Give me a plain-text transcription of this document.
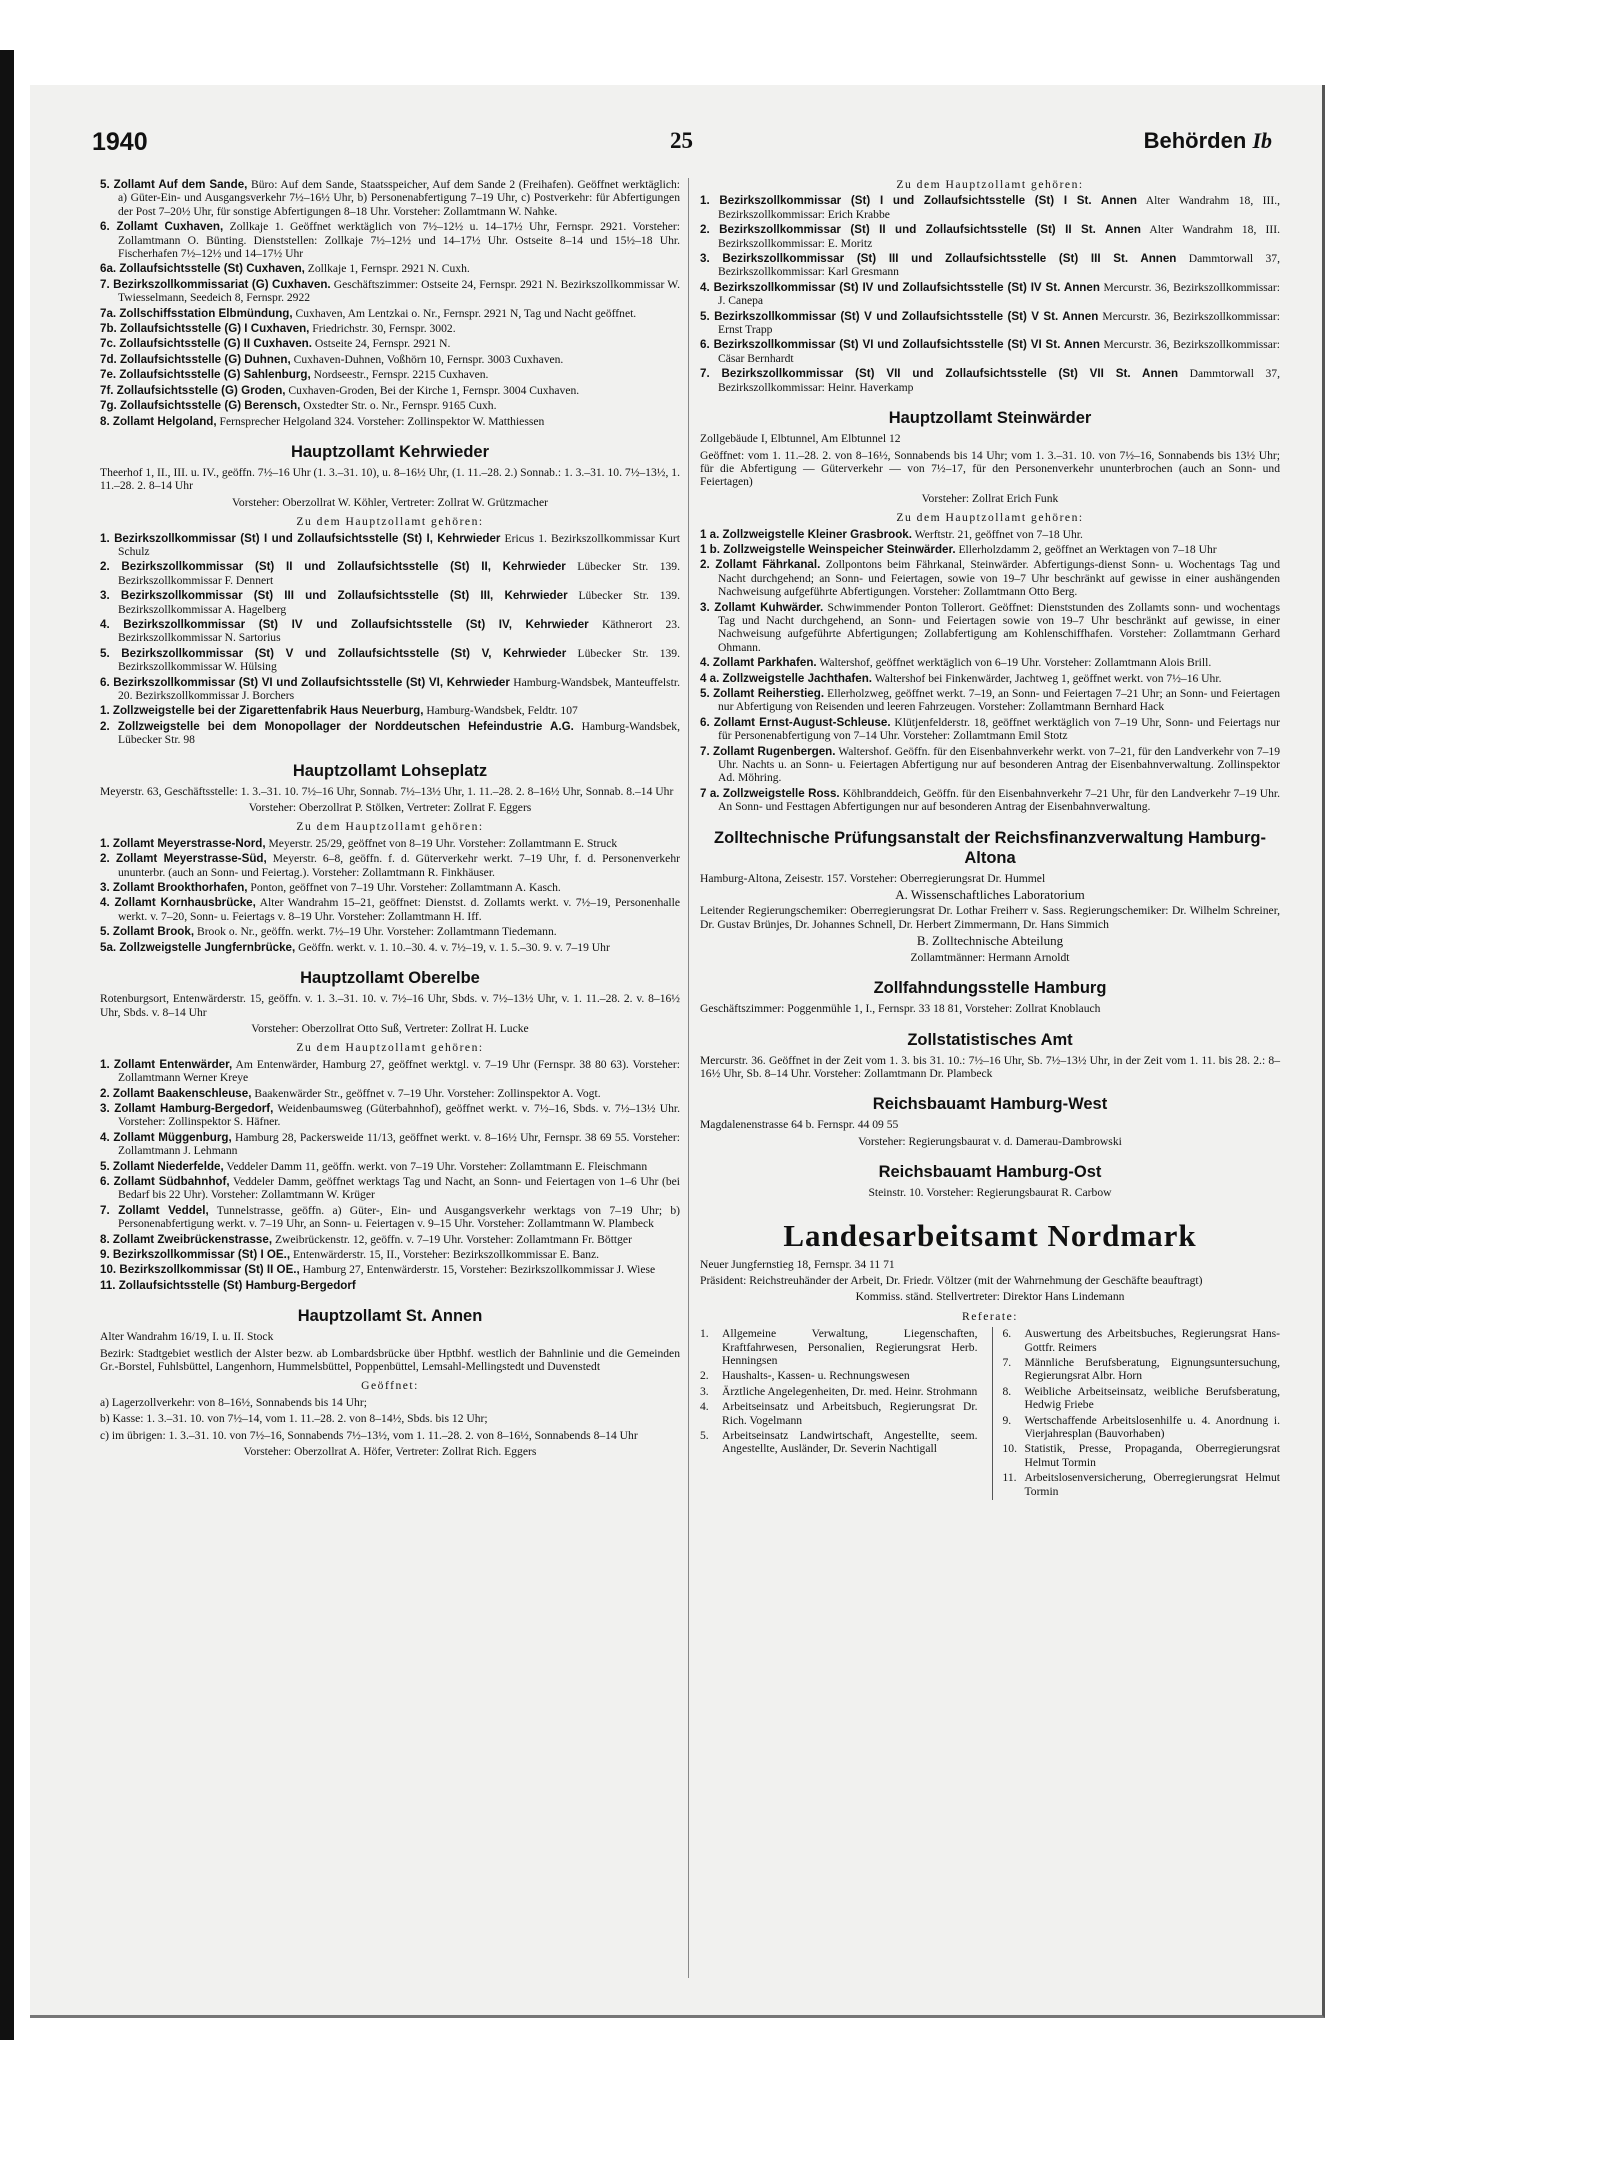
1940	25	Behörden Ib
5. Zollamt Auf dem Sande, Büro: Auf dem Sande, Staatsspeicher, Auf dem Sande 2 (Freihafen). Geöffnet werktäglich: a) Güter-Ein- und Ausgangsverkehr 7½–16½ Uhr, b) Personenabfertigung 7–19 Uhr, c) Postverkehr: für Abfertigungen der Post 7–20½ Uhr, für sonstige Abfertigungen 8–18 Uhr. Vorsteher: Zollamtmann W. Nahke.
6. Zollamt Cuxhaven, Zollkaje 1. Geöffnet werktäglich von 7½–12½ u. 14–17½ Uhr, Fernspr. 2921. Vorsteher: Zollamtmann O. Bünting. Dienststellen: Zollkaje 7½–12½ und 14–17½ Uhr. Ostseite 8–14 und 15½–18 Uhr. Fischerhafen 7½–12½ und 14–17½ Uhr
6a. Zollaufsichtsstelle (St) Cuxhaven, Zollkaje 1, Fernspr. 2921 N. Cuxh.
7. Bezirkszollkommissariat (G) Cuxhaven. Geschäftszimmer: Ostseite 24, Fernspr. 2921 N. Bezirkszollkommissar W. Twiesselmann, Seedeich 8, Fernspr. 2922
7a. Zollschiffsstation Elbmündung, Cuxhaven, Am Lentzkai o. Nr., Fernspr. 2921 N, Tag und Nacht geöffnet.
7b. Zollaufsichtsstelle (G) I Cuxhaven, Friedrichstr. 30, Fernspr. 3002.
7c. Zollaufsichtsstelle (G) II Cuxhaven. Ostseite 24, Fernspr. 2921 N.
7d. Zollaufsichtsstelle (G) Duhnen, Cuxhaven-Duhnen, Voßhörn 10, Fernspr. 3003 Cuxhaven.
7e. Zollaufsichtsstelle (G) Sahlenburg, Nordseestr., Fernspr. 2215 Cuxhaven.
7f. Zollaufsichtsstelle (G) Groden, Cuxhaven-Groden, Bei der Kirche 1, Fernspr. 3004 Cuxhaven.
7g. Zollaufsichtsstelle (G) Berensch, Oxstedter Str. o. Nr., Fernspr. 9165 Cuxh.
8. Zollamt Helgoland, Fernsprecher Helgoland 324. Vorsteher: Zollinspektor W. Matthiessen
Hauptzollamt Kehrwieder
Theerhof 1, II., III. u. IV., geöffn. 7½–16 Uhr (1. 3.–31. 10), u. 8–16½ Uhr, (1. 11.–28. 2.) Sonnab.: 1. 3.–31. 10. 7½–13½, 1. 11.–28. 2. 8–14 Uhr
Vorsteher: Oberzollrat W. Köhler, Vertreter: Zollrat W. Grützmacher
Zu dem Hauptzollamt gehören:
1. Bezirkszollkommissar (St) I und Zollaufsichtsstelle (St) I, Kehrwieder Ericus 1. Bezirkszollkommissar Kurt Schulz
2. Bezirkszollkommissar (St) II und Zollaufsichtsstelle (St) II, Kehrwieder Lübecker Str. 139. Bezirkszollkommissar F. Dennert
3. Bezirkszollkommissar (St) III und Zollaufsichtsstelle (St) III, Kehrwieder Lübecker Str. 139. Bezirkszollkommissar A. Hagelberg
4. Bezirkszollkommissar (St) IV und Zollaufsichtsstelle (St) IV, Kehrwieder Käthnerort 23. Bezirkszollkommissar N. Sartorius
5. Bezirkszollkommissar (St) V und Zollaufsichtsstelle (St) V, Kehrwieder Lübecker Str. 139. Bezirkszollkommissar W. Hülsing
6. Bezirkszollkommissar (St) VI und Zollaufsichtsstelle (St) VI, Kehrwieder Hamburg-Wandsbek, Manteuffelstr. 20. Bezirkszollkommissar J. Borchers
1. Zollzweigstelle bei der Zigarettenfabrik Haus Neuerburg, Hamburg-Wandsbek, Feldtr. 107
2. Zollzweigstelle bei dem Monopollager der Norddeutschen Hefeindustrie A.G. Hamburg-Wandsbek, Lübecker Str. 98
Hauptzollamt Lohseplatz
Meyerstr. 63, Geschäftsstelle: 1. 3.–31. 10. 7½–16 Uhr, Sonnab. 7½–13½ Uhr, 1. 11.–28. 2. 8–16½ Uhr, Sonnab. 8.–14 Uhr
Vorsteher: Oberzollrat P. Stölken, Vertreter: Zollrat F. Eggers
Zu dem Hauptzollamt gehören:
1. Zollamt Meyerstrasse-Nord, Meyerstr. 25/29, geöffnet von 8–19 Uhr. Vorsteher: Zollamtmann E. Struck
2. Zollamt Meyerstrasse-Süd, Meyerstr. 6–8, geöffn. f. d. Güterverkehr werkt. 7–19 Uhr, f. d. Personenverkehr ununterbr. (auch an Sonn- und Feiertag.). Vorsteher: Zollamtmann R. Finkhäuser.
3. Zollamt Brookthorhafen, Ponton, geöffnet von 7–19 Uhr. Vorsteher: Zollamtmann A. Kasch.
4. Zollamt Kornhausbrücke, Alter Wandrahm 15–21, geöffnet: Dienstst. d. Zollamts werkt. v. 7½–19, Personenhalle werkt. v. 7–20, Sonn- u. Feiertags v. 8–19 Uhr. Vorsteher: Zollamtmann H. Iff.
5. Zollamt Brook, Brook o. Nr., geöffn. werkt. 7½–19 Uhr. Vorsteher: Zollamtmann Tiedemann.
5a. Zollzweigstelle Jungfernbrücke, Geöffn. werkt. v. 1. 10.–30. 4. v. 7½–19, v. 1. 5.–30. 9. v. 7–19 Uhr
Hauptzollamt Oberelbe
Rotenburgsort, Entenwärderstr. 15, geöffn. v. 1. 3.–31. 10. v. 7½–16 Uhr, Sbds. v. 7½–13½ Uhr, v. 1. 11.–28. 2. v. 8–16½ Uhr, Sbds. v. 8–14 Uhr
Vorsteher: Oberzollrat Otto Suß, Vertreter: Zollrat H. Lucke
Zu dem Hauptzollamt gehören:
1. Zollamt Entenwärder, Am Entenwärder, Hamburg 27, geöffnet werktgl. v. 7–19 Uhr (Fernspr. 38 80 63). Vorsteher: Zollamtmann Werner Kreye
2. Zollamt Baakenschleuse, Baakenwärder Str., geöffnet v. 7–19 Uhr. Vorsteher: Zollinspektor A. Vogt.
3. Zollamt Hamburg-Bergedorf, Weidenbaumsweg (Güterbahnhof), geöffnet werkt. v. 7½–16, Sbds. v. 7½–13½ Uhr. Vorsteher: Zollinspektor S. Häfner.
4. Zollamt Müggenburg, Hamburg 28, Packersweide 11/13, geöffnet werkt. v. 8–16½ Uhr, Fernspr. 38 69 55. Vorsteher: Zollamtmann J. Lehmann
5. Zollamt Niederfelde, Veddeler Damm 11, geöffn. werkt. von 7–19 Uhr. Vorsteher: Zollamtmann E. Fleischmann
6. Zollamt Südbahnhof, Veddeler Damm, geöffnet werktags Tag und Nacht, an Sonn- und Feiertagen von 1–6 Uhr (bei Bedarf bis 22 Uhr). Vorsteher: Zollamtmann W. Krüger
7. Zollamt Veddel, Tunnelstrasse, geöffn. a) Güter-, Ein- und Ausgangsverkehr werktags von 7–19 Uhr; b) Personenabfertigung werkt. v. 7–19 Uhr, an Sonn- u. Feiertagen v. 9–15 Uhr. Vorsteher: Zollamtmann W. Plambeck
8. Zollamt Zweibrückenstrasse, Zweibrückenstr. 12, geöffn. v. 7–19 Uhr. Vorsteher: Zollamtmann Fr. Böttger
9. Bezirkszollkommissar (St) I OE., Entenwärderstr. 15, II., Vorsteher: Bezirkszollkommissar E. Banz.
10. Bezirkszollkommissar (St) II OE., Hamburg 27, Entenwärderstr. 15, Vorsteher: Bezirkszollkommissar J. Wiese
11. Zollaufsichtsstelle (St) Hamburg-Bergedorf
Hauptzollamt St. Annen
Alter Wandrahm 16/19, I. u. II. Stock
Bezirk: Stadtgebiet westlich der Alster bezw. ab Lombardsbrücke über Hptbhf. westlich der Bahnlinie und die Gemeinden Gr.-Borstel, Fuhlsbüttel, Langenhorn, Hummelsbüttel, Poppenbüttel, Lemsahl-Mellingstedt und Duvenstedt
Geöffnet:
a) Lagerzollverkehr: von 8–16½, Sonnabends bis 14 Uhr;
b) Kasse: 1. 3.–31. 10. von 7½–14, vom 1. 11.–28. 2. von 8–14½, Sbds. bis 12 Uhr;
c) im übrigen: 1. 3.–31. 10. von 7½–16, Sonnabends 7½–13½, vom 1. 11.–28. 2. von 8–16½, Sonnabends 8–14 Uhr
Vorsteher: Oberzollrat A. Höfer, Vertreter: Zollrat Rich. Eggers
Zu dem Hauptzollamt gehören:
1. Bezirkszollkommissar (St) I und Zollaufsichtsstelle (St) I St. Annen Alter Wandrahm 18, III., Bezirkszollkommissar: Erich Krabbe
2. Bezirkszollkommissar (St) II und Zollaufsichtsstelle (St) II St. Annen Alter Wandrahm 18, III. Bezirkszollkommissar: E. Moritz
3. Bezirkszollkommissar (St) III und Zollaufsichtsstelle (St) III St. Annen Dammtorwall 37, Bezirkszollkommissar: Karl Gresmann
4. Bezirkszollkommissar (St) IV und Zollaufsichtsstelle (St) IV St. Annen Mercurstr. 36, Bezirkszollkommissar: J. Canepa
5. Bezirkszollkommissar (St) V und Zollaufsichtsstelle (St) V St. Annen Mercurstr. 36, Bezirkszollkommissar: Ernst Trapp
6. Bezirkszollkommissar (St) VI und Zollaufsichtsstelle (St) VI St. Annen Mercurstr. 36, Bezirkszollkommissar: Cäsar Bernhardt
7. Bezirkszollkommissar (St) VII und Zollaufsichtsstelle (St) VII St. Annen Dammtorwall 37, Bezirkszollkommissar: Heinr. Haverkamp
Hauptzollamt Steinwärder
Zollgebäude I, Elbtunnel, Am Elbtunnel 12
Geöffnet: vom 1. 11.–28. 2. von 8–16½, Sonnabends bis 14 Uhr; vom 1. 3.–31. 10. von 7½–16, Sonnabends bis 13½ Uhr; für die Abfertigung — Güterverkehr — von 7½–17, für den Personenverkehr ununterbrochen (auch an Sonn- und Feiertagen)
Vorsteher: Zollrat Erich Funk
Zu dem Hauptzollamt gehören:
1 a. Zollzweigstelle Kleiner Grasbrook. Werftstr. 21, geöffnet von 7–18 Uhr.
1 b. Zollzweigstelle Weinspeicher Steinwärder. Ellerholzdamm 2, geöffnet an Werktagen von 7–18 Uhr
2. Zollamt Fährkanal. Zollpontons beim Fährkanal, Steinwärder. Abfertigungs-dienst Sonn- u. Wochentags Tag und Nacht durchgehend; an Sonn- und Feiertagen, sowie von 19–7 Uhr beschränkt auf gewisse in einer aushängenden Nachweisung aufgeführte Abfertigungen. Vorsteher: Zollamtmann Otto Berg.
3. Zollamt Kuhwärder. Schwimmender Ponton Tollerort. Geöffnet: Dienststunden des Zollamts sonn- und wochentags Tag und Nacht durchgehend, an Sonn- und Feiertagen sowie von 19–7 Uhr beschränkt auf gewisse, in einer Nachweisung aufgeführte Abfertigungen; Zollabfertigung am Kohlenschiffhafen. Vorsteher: Zollamtmann Gerhard Ohmann.
4. Zollamt Parkhafen. Waltershof, geöffnet werktäglich von 6–19 Uhr. Vorsteher: Zollamtmann Alois Brill.
4 a. Zollzweigstelle Jachthafen. Waltershof bei Finkenwärder, Jachtweg 1, geöffnet werkt. von 7½–16 Uhr.
5. Zollamt Reiherstieg. Ellerholzweg, geöffnet werkt. 7–19, an Sonn- und Feiertagen 7–21 Uhr; an Sonn- und Feiertagen nur Abfertigung von Reisenden und leeren Fahrzeugen. Vorsteher: Zollamtmann Bernhard Hack
6. Zollamt Ernst-August-Schleuse. Klütjenfelderstr. 18, geöffnet werktäglich von 7–19 Uhr, Sonn- und Feiertags nur für Personenabfertigung von 7–14 Uhr. Vorsteher: Zollamtmann Emil Stotz
7. Zollamt Rugenbergen. Waltershof. Geöffn. für den Eisenbahnverkehr werkt. von 7–21, für den Landverkehr von 7–19 Uhr. Nachts u. an Sonn- u. Feiertagen Abfertigung nur auf besonderen Antrag der Eisenbahnverwaltung. Zollinspektor Ad. Möhring.
7 a. Zollzweigstelle Ross. Köhlbranddeich, Geöffn. für den Eisenbahnverkehr 7–21 Uhr, für den Landverkehr 7–19 Uhr. An Sonn- und Festtagen Abfertigungen nur auf besonderen Antrag der Eisenbahnverwaltung.
Zolltechnische Prüfungsanstalt der Reichsfinanzverwaltung Hamburg-Altona
Hamburg-Altona, Zeisestr. 157. Vorsteher: Oberregierungsrat Dr. Hummel
A. Wissenschaftliches Laboratorium
Leitender Regierungschemiker: Oberregierungsrat Dr. Lothar Freiherr v. Sass. Regierungschemiker: Dr. Wilhelm Schreiner, Dr. Gustav Brünjes, Dr. Johannes Schnell, Dr. Herbert Zimmermann, Dr. Hans Simmich
B. Zolltechnische Abteilung
Zollamtmänner: Hermann Arnoldt
Zollfahndungsstelle Hamburg
Geschäftszimmer: Poggenmühle 1, I., Fernspr. 33 18 81, Vorsteher: Zollrat Knoblauch
Zollstatistisches Amt
Mercurstr. 36. Geöffnet in der Zeit vom 1. 3. bis 31. 10.: 7½–16 Uhr, Sb. 7½–13½ Uhr, in der Zeit vom 1. 11. bis 28. 2.: 8–16½ Uhr, Sb. 8–14 Uhr. Vorsteher: Zollamtmann Dr. Plambeck
Reichsbauamt Hamburg-West
Magdalenenstrasse 64 b. Fernspr. 44 09 55
Vorsteher: Regierungsbaurat v. d. Damerau-Dambrowski
Reichsbauamt Hamburg-Ost
Steinstr. 10. Vorsteher: Regierungsbaurat R. Carbow
Landesarbeitsamt Nordmark
Neuer Jungfernstieg 18, Fernspr. 34 11 71
Präsident: Reichstreuhänder der Arbeit, Dr. Friedr. Völtzer (mit der Wahrnehmung der Geschäfte beauftragt)
Kommiss. ständ. Stellvertreter: Direktor Hans Lindemann
Referate:
1.	Allgemeine Verwaltung, Liegenschaften, Kraftfahrwesen, Personalien, Regierungsrat Herb. Henningsen
2.	Haushalts-, Kassen- u. Rechnungswesen
3.	Ärztliche Angelegenheiten, Dr. med. Heinr. Strohmann
4.	Arbeitseinsatz und Arbeitsbuch, Regierungsrat Dr. Rich. Vogelmann
5.	Arbeitseinsatz Landwirtschaft, Angestellte, seem. Angestellte, Ausländer, Dr. Severin Nachtigall
6.	Auswertung des Arbeitsbuches, Regierungsrat Hans-Gottfr. Reimers
7.	Männliche Berufsberatung, Eignungsuntersuchung, Regierungsrat Albr. Horn
8.	Weibliche Arbeitseinsatz, weibliche Berufsberatung, Hedwig Friebe
9.	Wertschaffende Arbeitslosenhilfe u. 4. Anordnung i. Vierjahresplan (Bauvorhaben)
10. Statistik, Presse, Propaganda, Oberregierungsrat Helmut Tormin
11. Arbeitslosenversicherung, Oberregierungsrat Helmut Tormin
